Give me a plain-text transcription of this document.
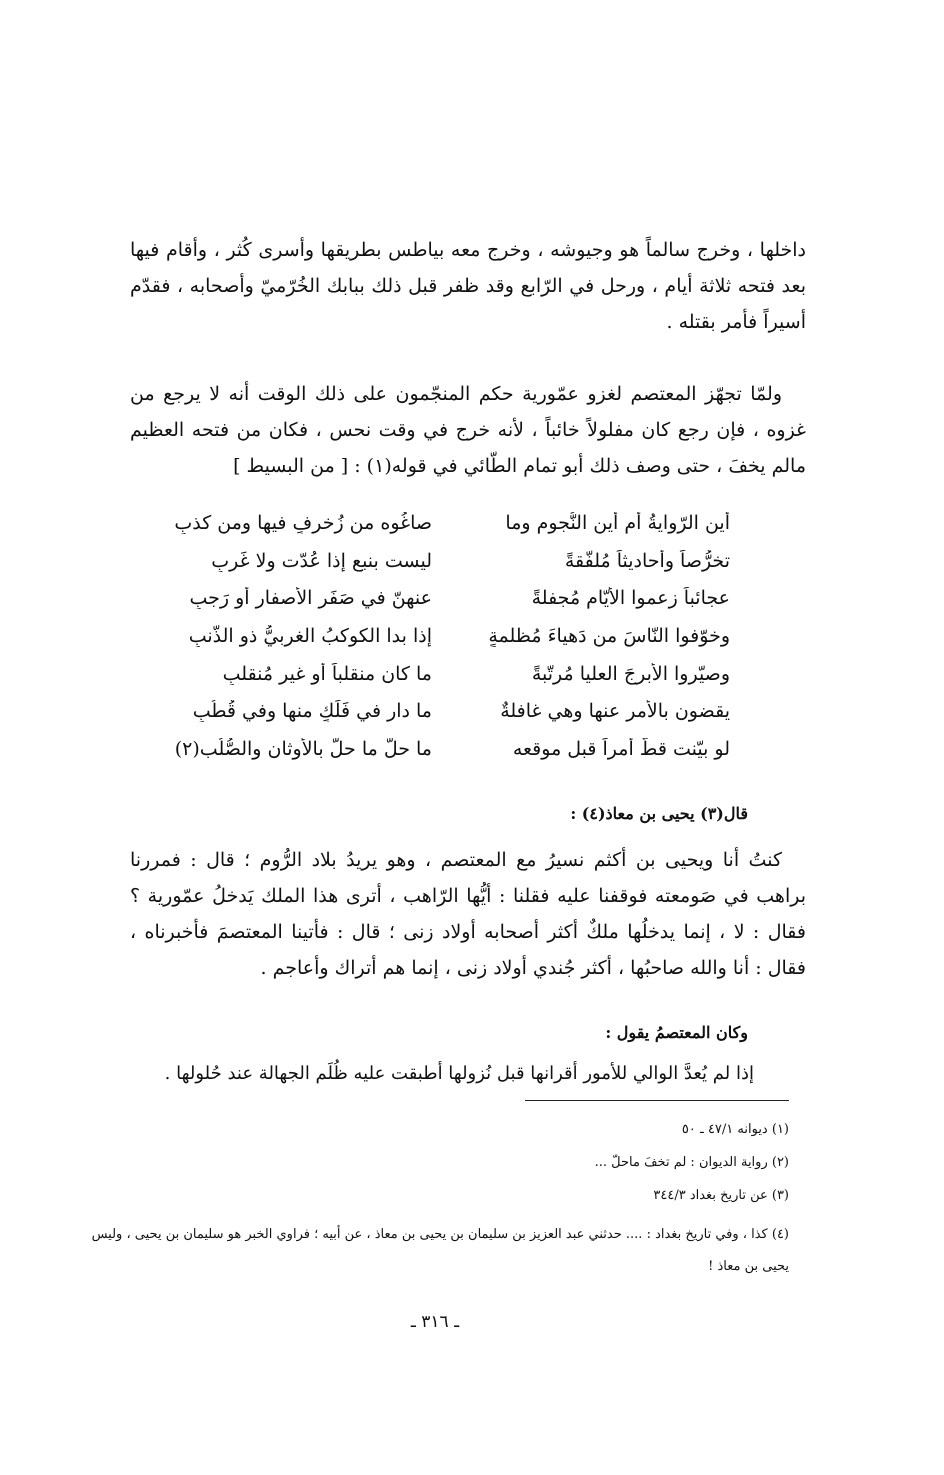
داخلها ، وخرج سالماً هو وجيوشه ، وخرج معه بياطس بطريقها وأسرى كُثر ، وأقام فيها بعد فتحه ثلاثة أيام ، ورحل في الرّابع وقد ظفر قبل ذلك ببابك الخُرّميّ وأصحابه ، فقدّم أسيراً فأمر بقتله .

ولمّا تجهّز المعتصم لغزو عمّورية حكم المنجّمون على ذلك الوقت أنه لا يرجع من غزوه ، فإن رجع كان مفلولاً خائباً ، لأنه خرج في وقت نحس ، فكان من فتحه العظيم مالم يخفَ ، حتى وصف ذلك أبو تمام الطّائي في قوله(١) : [ من البسيط ]

أين الرّوايةُ أم أين النُّجوم وما
صاغُوه من زُخرفٍ فيها ومن كذبِ
تخرُّصاً وأحاديثاً مُلفّقةً
ليست بنبعٍ إذا عُدّت ولا غَربِ
عجائباً زعموا الأيّام مُجفلةً
عنهنّ في صَفَر الأصفار أو رَجبِ
وخوّفوا النّاسَ من دَهياءَ مُظلمةٍ
إذا بدا الكوكبُ الغربيُّ ذو الذَّنبِ
وصيّروا الأبرجَ العليا مُرتّبةً
ما كان منقلباً أو غير مُنقلبِ
يقضون بالأمر عنها وهي غافلةٌ
ما دار في فَلَكٍ منها وفي قُطُبِ
لو بيّنت قطُّ أمراً قبل موقعه
ما حلَّ ما حلَّ بالأوثان والصُّلُب(٢)
قال(٣) يحيى بن معاذ(٤) :

كنتُ أنا ويحيى بن أكثم نسيرُ مع المعتصم ، وهو يريدُ بلاد الرُّوم ؛ قال : فمررنا براهب في صَومعته فوقفنا عليه فقلنا : أيُّها الرّاهب ، أترى هذا الملك يَدخلُ عمّورية ؟ فقال : لا ، إنما يدخلُها ملكٌ أكثر أصحابه أولاد زنى ؛ قال : فأتينا المعتصمَ فأخبرناه ، فقال : أنا والله صاحبُها ، أكثر جُندي أولاد زنى ، إنما هم أتراك وأعاجم .

وكان المعتصمُ يقول :

إذا لم يُعدَّ الوالي للأمور أقرانها قبل نُزولها أطبقت عليه ظُلَم الجهالة عند حُلولها .

(١) ديوانه ٤٧/١ ـ ٥٠

(٢) رواية الديوان : لم تخفَ ماحلّ ...

(٣) عن تاريخ بغداد ٣٤٤/٣

(٤) كذا ، وفي تاريخ بغداد : .... حدثني عبد العزيز بن سليمان بن يحيى بن معاذ ، عن أبيه ؛ فراوي الخبر هو سليمان بن يحيى ، وليس يحيى بن معاذ !

ـ ٣١٦ ـ
